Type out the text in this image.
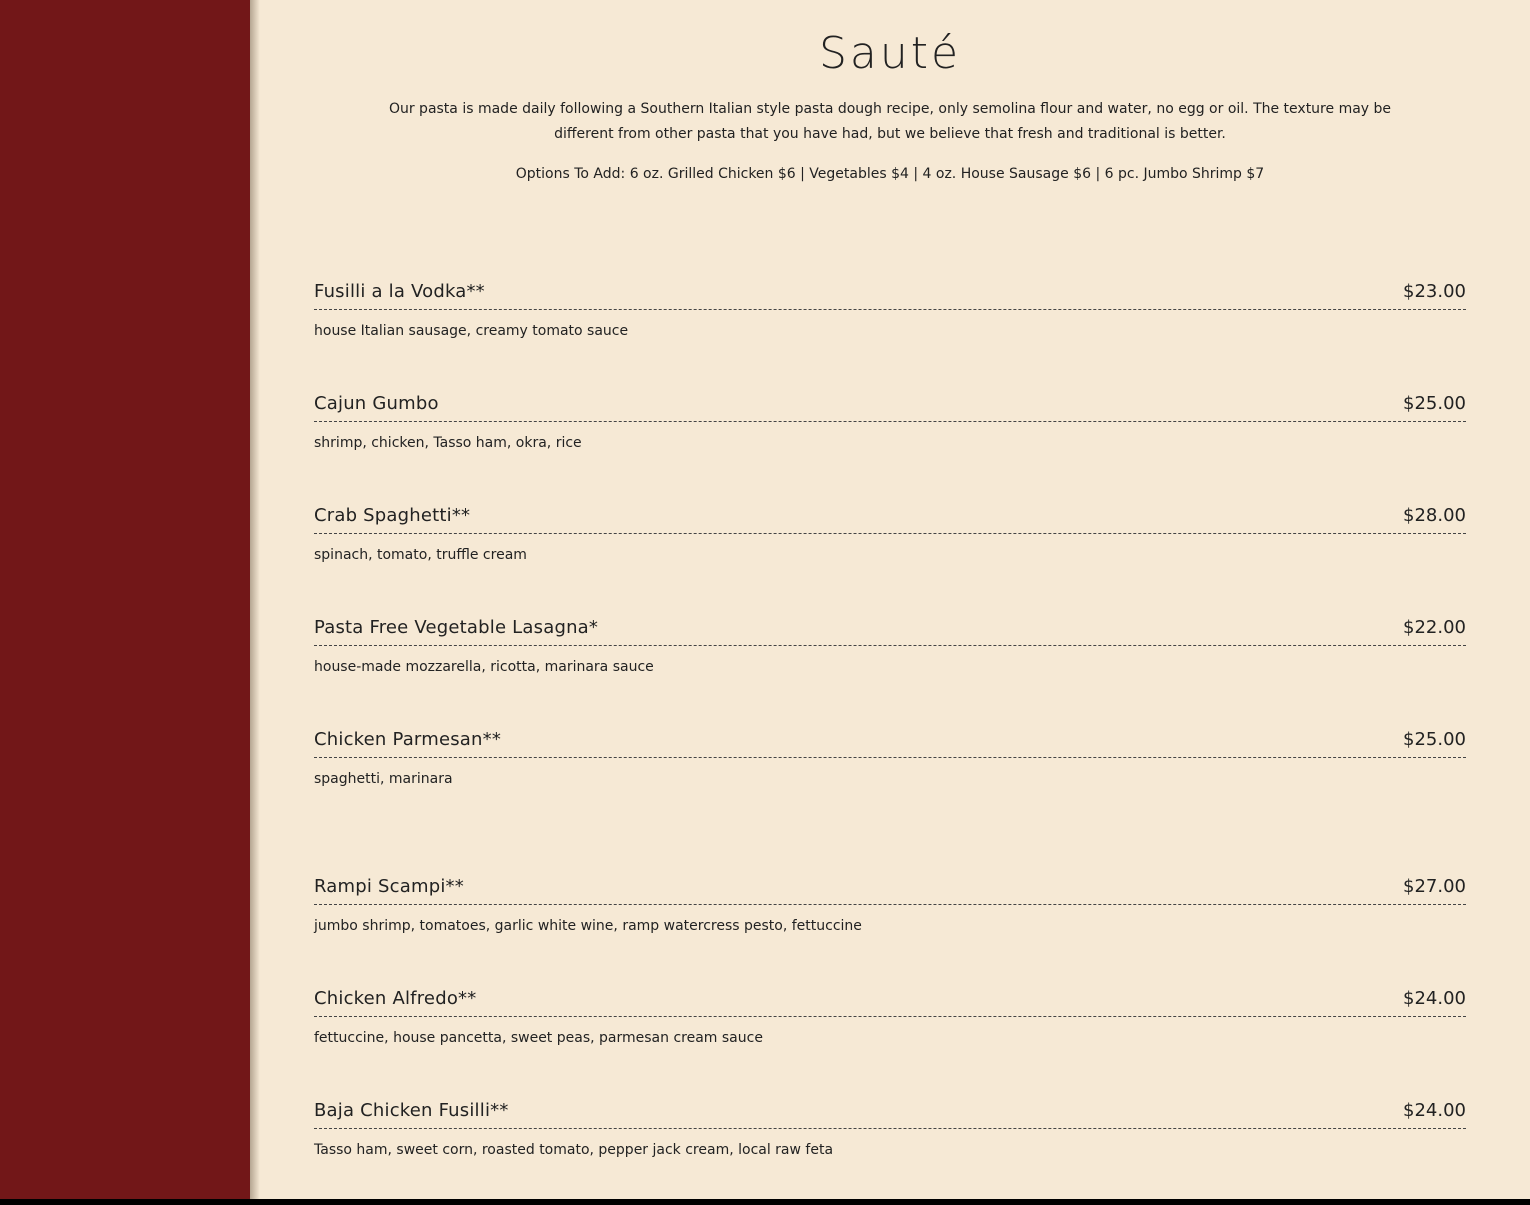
Sauté

Our pasta is made daily following a Southern Italian style pasta dough recipe, only semolina flour and water, no egg or oil. The texture may be different from other pasta that you have had, but we believe that fresh and traditional is better.

Options To Add: 6 oz. Grilled Chicken $6 | Vegetables $4 | 4 oz. House Sausage $6 | 6 pc. Jumbo Shrimp $7

Fusilli a la Vodka**	$23.00
house Italian sausage, creamy tomato sauce
Cajun Gumbo	$25.00
shrimp, chicken, Tasso ham, okra, rice
Crab Spaghetti**	$28.00
spinach, tomato, truffle cream
Pasta Free Vegetable Lasagna*	$22.00
house-made mozzarella, ricotta, marinara sauce
Chicken Parmesan**	$25.00
spaghetti, marinara
Rampi Scampi**	$27.00
jumbo shrimp, tomatoes, garlic white wine, ramp watercress pesto, fettuccine
Chicken Alfredo**	$24.00
fettuccine, house pancetta, sweet peas, parmesan cream sauce
Baja Chicken Fusilli**	$24.00
Tasso ham, sweet corn, roasted tomato, pepper jack cream, local raw feta
